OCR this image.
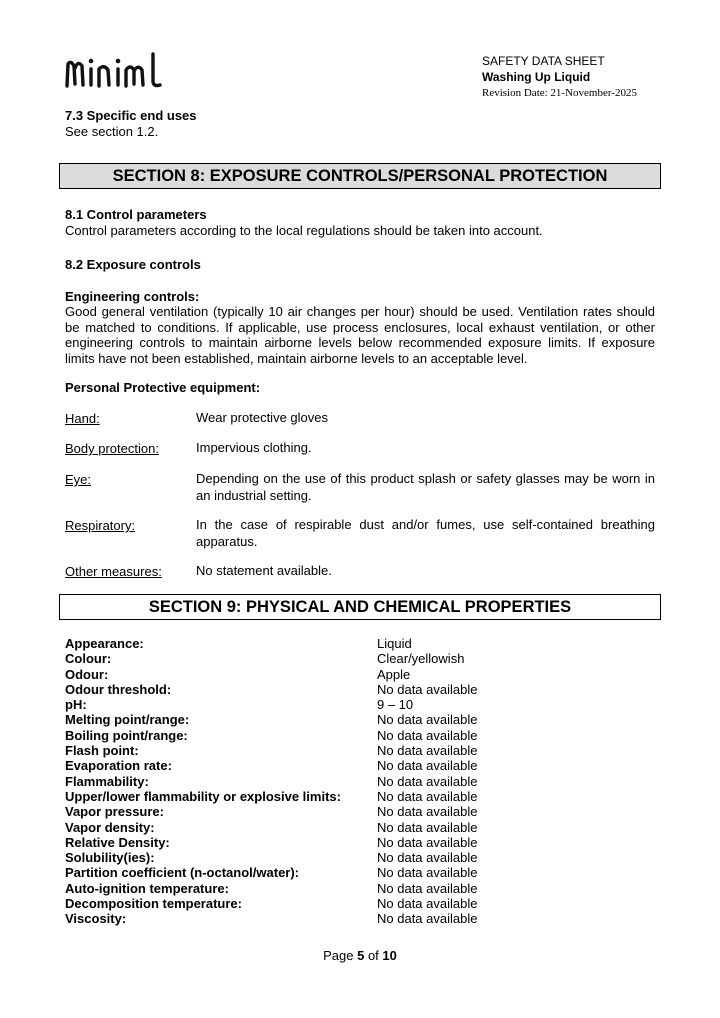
SAFETY DATA SHEET
Washing Up Liquid
Revision Date: 21-November-2025
7.3 Specific end uses
See section 1.2.
SECTION 8: EXPOSURE CONTROLS/PERSONAL PROTECTION
8.1 Control parameters
Control parameters according to the local regulations should be taken into account.
8.2 Exposure controls
Engineering controls:
Good general ventilation (typically 10 air changes per hour) should be used. Ventilation rates should be matched to conditions. If applicable, use process enclosures, local exhaust ventilation, or other engineering controls to maintain airborne levels below recommended exposure limits. If exposure limits have not been established, maintain airborne levels to an acceptable level.
Personal Protective equipment:
Hand:	Wear protective gloves
Body protection:	Impervious clothing.
Eye:	Depending on the use of this product splash or safety glasses may be worn in an industrial setting.
Respiratory:	In the case of respirable dust and/or fumes, use self-contained breathing apparatus.
Other measures:	No statement available.
SECTION 9: PHYSICAL AND CHEMICAL PROPERTIES
Appearance:	Liquid
Colour:	Clear/yellowish
Odour:	Apple
Odour threshold:	No data available
pH:	9 – 10
Melting point/range:	No data available
Boiling point/range:	No data available
Flash point:	No data available
Evaporation rate:	No data available
Flammability:	No data available
Upper/lower flammability or explosive limits:	No data available
Vapor pressure:	No data available
Vapor density:	No data available
Relative Density:	No data available
Solubility(ies):	No data available
Partition coefficient (n-octanol/water):	No data available
Auto-ignition temperature:	No data available
Decomposition temperature:	No data available
Viscosity:	No data available
Page 5 of 10
